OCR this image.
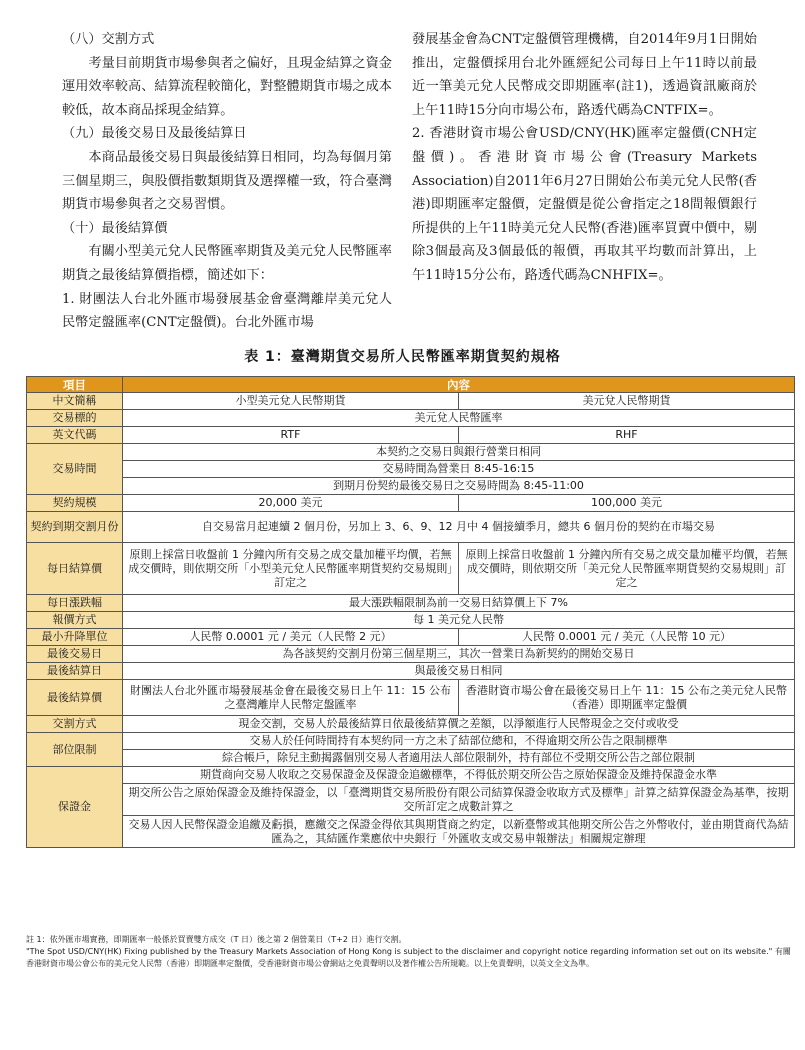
（八）交割方式

考量目前期貨市場參與者之偏好，且現金結算之資金運用效率較高、結算流程較簡化，對整體期貨市場之成本較低，故本商品採現金結算。

（九）最後交易日及最後結算日

本商品最後交易日與最後結算日相同，均為每個月第三個星期三，與股價指數類期貨及選擇權一致，符合臺灣期貨市場參與者之交易習慣。

（十）最後結算價

有關小型美元兌人民幣匯率期貨及美元兌人民幣匯率期貨之最後結算價指標，簡述如下：

1. 財團法人台北外匯市場發展基金會臺灣離岸美元兌人民幣定盤匯率(CNT定盤價)。台北外匯市場

發展基金會為CNT定盤價管理機構，自2014年9月1日開始推出，定盤價採用台北外匯經紀公司每日上午11時以前最近一筆美元兌人民幣成交即期匯率(註1)，透過資訊廠商於上午11時15分向市場公布，路透代碼為CNTFIX=。

2. 香港財資市場公會USD/CNY(HK)匯率定盤價(CNH定盤價)。香港財資市場公會(Treasury Markets Association)自2011年6月27日開始公布美元兌人民幣(香港)即期匯率定盤價，定盤價是從公會指定之18間報價銀行所提供的上午11時美元兌人民幣(香港)匯率買賣中價中，剔除3個最高及3個最低的報價，再取其平均數而計算出，上午11時15分公布，路透代碼為CNHFIX=。

表 1：臺灣期貨交易所人民幣匯率期貨契約規格
項目	內容	
中文簡稱	小型美元兌人民幣期貨	美元兌人民幣期貨
交易標的	美元兌人民幣匯率	
英文代碼	RTF	RHF
交易時間	本契約之交易日與銀行營業日相同	
	交易時間為營業日 8:45-16:15	
	到期月份契約最後交易日之交易時間為 8:45-11:00	
契約規模	20,000 美元	100,000 美元
契約到期交割月份	自交易當月起連續 2 個月份，另加上 3、6、9、12 月中 4 個接續季月，總共 6 個月份的契約在市場交易	
每日結算價	原則上採當日收盤前 1 分鐘內所有交易之成交量加權平均價，若無成交價時，則依期交所「小型美元兌人民幣匯率期貨契約交易規則」訂定之	原則上採當日收盤前 1 分鐘內所有交易之成交量加權平均價，若無成交價時，則依期交所「美元兌人民幣匯率期貨契約交易規則」訂定之
每日漲跌幅	最大漲跌幅限制為前一交易日結算價上下 7%	
報價方式	每 1 美元兌人民幣	
最小升降單位	人民幣 0.0001 元 / 美元（人民幣 2 元）	人民幣 0.0001 元 / 美元（人民幣 10 元）
最後交易日	為各該契約交割月份第三個星期三，其次一營業日為新契約的開始交易日	
最後結算日	與最後交易日相同	
最後結算價	財團法人台北外匯市場發展基金會在最後交易日上午 11：15 公布之臺灣離岸人民幣定盤匯率	香港財資市場公會在最後交易日上午 11：15 公布之美元兌人民幣（香港）即期匯率定盤價
交割方式	現金交割，交易人於最後結算日依最後結算價之差額，以淨額進行人民幣現金之交付或收受	
部位限制	交易人於任何時間持有本契約同一方之未了結部位總和，不得逾期交所公告之限制標準	
	綜合帳戶，除兒主動揭露個別交易人者適用法人部位限制外，持有部位不受期交所公告之部位限制	
保證金	期貨商向交易人收取之交易保證金及保證金追繳標準，不得低於期交所公告之原始保證金及維持保證金水準	
	期交所公告之原始保證金及維持保證金，以「臺灣期貨交易所股份有限公司結算保證金收取方式及標準」計算之結算保證金為基準，按期交所訂定之成數計算之	
	交易人因人民幣保證金追繳及虧損，應繳交之保證金得依其與期貨商之約定，以新臺幣或其他期交所公告之外幣收付，並由期貨商代為結匯為之，其結匯作業應依中央銀行「外匯收支或交易申報辦法」相關規定辦理	

註 1：依外匯市場實務，即期匯率一般係於買賣雙方成交（T 日）後之第 2 個營業日（T+2 日）進行交割。

"The Spot USD/CNY(HK) Fixing published by the Treasury Markets Association of Hong Kong is subject to the disclaimer and copyright notice regarding information set out on its website." 有關香港財資市場公會公布的美元兌人民幣（香港）即期匯率定盤價，受香港財資市場公會網站之免責聲明以及著作權公告所規範。以上免責聲明，以英文全文為準。
